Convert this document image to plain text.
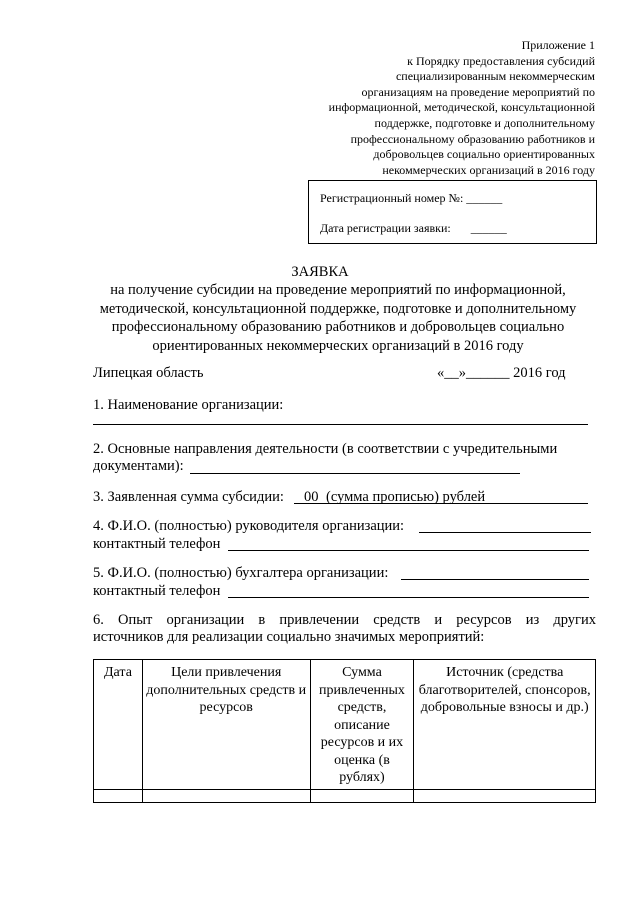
Приложение 1
к Порядку предоставления субсидий
специализированным некоммерческим
организациям на проведение мероприятий по
информационной, методической, консультационной
поддержке, подготовке и дополнительному
профессиональному образованию работников и
добровольцев социально ориентированных
некоммерческих организаций в 2016 году
Регистрационный номер №: ______
Дата регистрации заявки: ______
ЗАЯВКА
на получение субсидии на проведение мероприятий по информационной,
методической, консультационной поддержке, подготовке и дополнительному
профессиональному образованию работников и добровольцев социально
ориентированных некоммерческих организаций в 2016 году
Липецкая область	«__»______ 2016 год
1. Наименование организации:
2. Основные направления деятельности (в соответствии с учредительными
документами):
3. Заявленная сумма субсидии: 00 (сумма прописью) рублей
4. Ф.И.О. (полностью) руководителя организации:
контактный телефон
5. Ф.И.О. (полностью) бухгалтера организации:
контактный телефон
6. Опыт организации в привлечении средств и ресурсов из других
источников для реализации социально значимых мероприятий:
Дата	Цели привлечения дополнительных средств и ресурсов	Сумма привлеченных средств, описание ресурсов и их оценка (в рублях)	Источник (средства благотворителей, спонсоров, добровольные взносы и др.)
